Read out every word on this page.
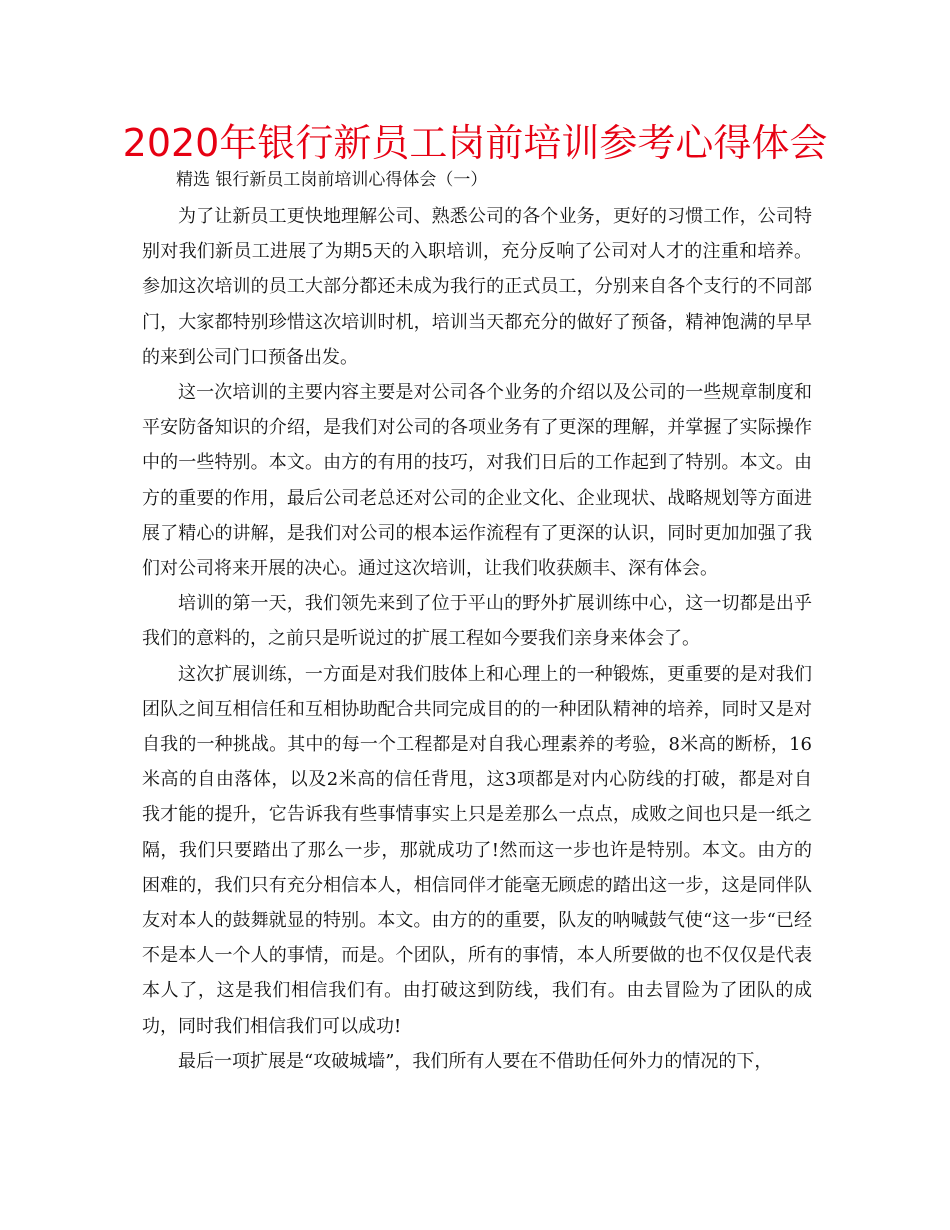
2020年银行新员工岗前培训参考心得体会
精选 银行新员工岗前培训心得体会（一）

为了让新员工更快地理解公司、熟悉公司的各个业务，更好的习惯工作，公司特别对我们新员工进展了为期5天的入职培训，充分反响了公司对人才的注重和培养。参加这次培训的员工大部分都还未成为我行的正式员工，分别来自各个支行的不同部门，大家都特别珍惜这次培训时机，培训当天都充分的做好了预备，精神饱满的早早的来到公司门口预备出发。

这一次培训的主要内容主要是对公司各个业务的介绍以及公司的一些规章制度和平安防备知识的介绍，是我们对公司的各项业务有了更深的理解，并掌握了实际操作中的一些特别。本文。由方的有用的技巧，对我们日后的工作起到了特别。本文。由方的重要的作用，最后公司老总还对公司的企业文化、企业现状、战略规划等方面进展了精心的讲解，是我们对公司的根本运作流程有了更深的认识，同时更加加强了我们对公司将来开展的决心。通过这次培训，让我们收获颇丰、深有体会。

培训的第一天，我们领先来到了位于平山的野外扩展训练中心，这一切都是出乎我们的意料的，之前只是听说过的扩展工程如今要我们亲身来体会了。

这次扩展训练，一方面是对我们肢体上和心理上的一种锻炼，更重要的是对我们团队之间互相信任和互相协助配合共同完成目的的一种团队精神的培养，同时又是对自我的一种挑战。其中的每一个工程都是对自我心理素养的考验，8米高的断桥，16米高的自由落体，以及2米高的信任背甩，这3项都是对内心防线的打破，都是对自我才能的提升，它告诉我有些事情事实上只是差那么一点点，成败之间也只是一纸之隔，我们只要踏出了那么一步，那就成功了!然而这一步也许是特别。本文。由方的困难的，我们只有充分相信本人，相信同伴才能毫无顾虑的踏出这一步，这是同伴队友对本人的鼓舞就显的特别。本文。由方的的重要，队友的呐喊鼓气使“这一步“已经不是本人一个人的事情，而是。个团队，所有的事情，本人所要做的也不仅仅是代表本人了，这是我们相信我们有。由打破这到防线，我们有。由去冒险为了团队的成功，同时我们相信我们可以成功!

最后一项扩展是“攻破城墙”，我们所有人要在不借助任何外力的情况的下，
